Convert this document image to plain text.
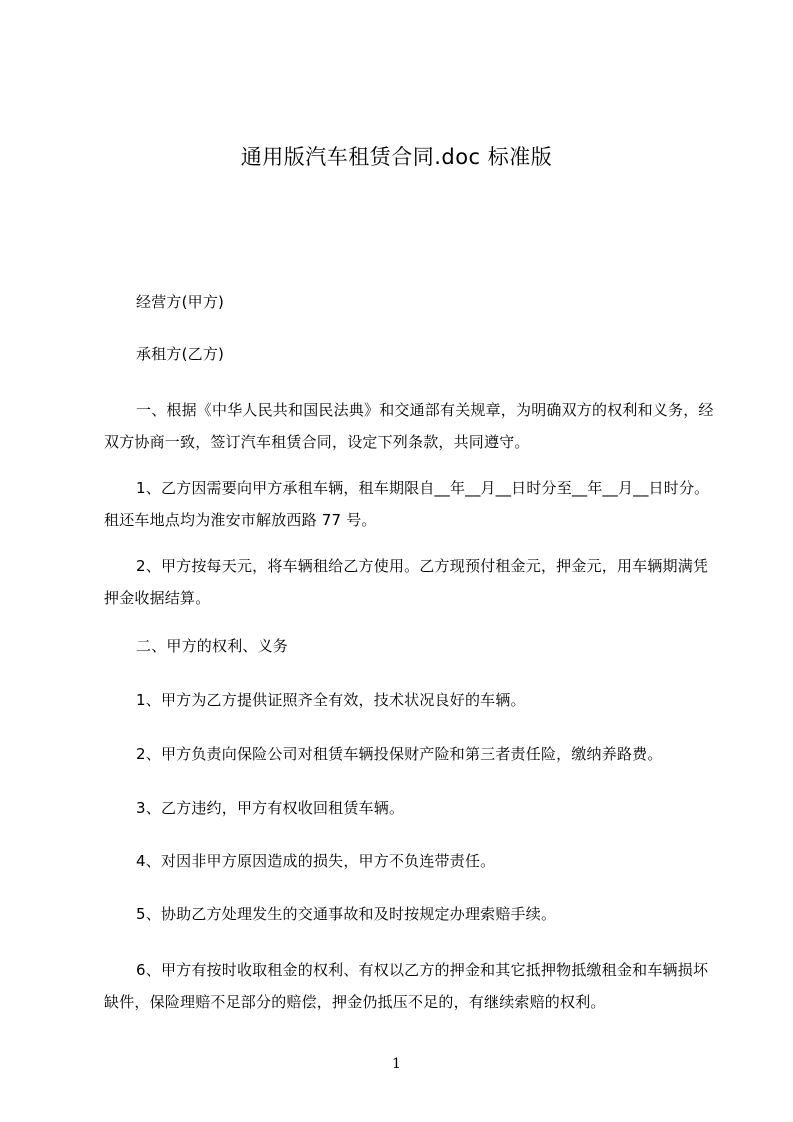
通用版汽车租赁合同.doc 标准版
经营方(甲方)
承租方(乙方)
一、根据《中华人民共和国民法典》和交通部有关规章，为明确双方的权利和义务，经双方协商一致，签订汽车租赁合同，设定下列条款，共同遵守。
1、乙方因需要向甲方承租车辆，租车期限自__年__月__日时分至__年__月__日时分。租还车地点均为淮安市解放西路 77 号。
2、甲方按每天元，将车辆租给乙方使用。乙方现预付租金元，押金元，用车辆期满凭押金收据结算。
二、甲方的权利、义务
1、甲方为乙方提供证照齐全有效，技术状况良好的车辆。
2、甲方负责向保险公司对租赁车辆投保财产险和第三者责任险，缴纳养路费。
3、乙方违约，甲方有权收回租赁车辆。
4、对因非甲方原因造成的损失，甲方不负连带责任。
5、协助乙方处理发生的交通事故和及时按规定办理索赔手续。
6、甲方有按时收取租金的权利、有权以乙方的押金和其它抵押物抵缴租金和车辆损坏缺件，保险理赔不足部分的赔偿，押金仍抵压不足的，有继续索赔的权利。
1
